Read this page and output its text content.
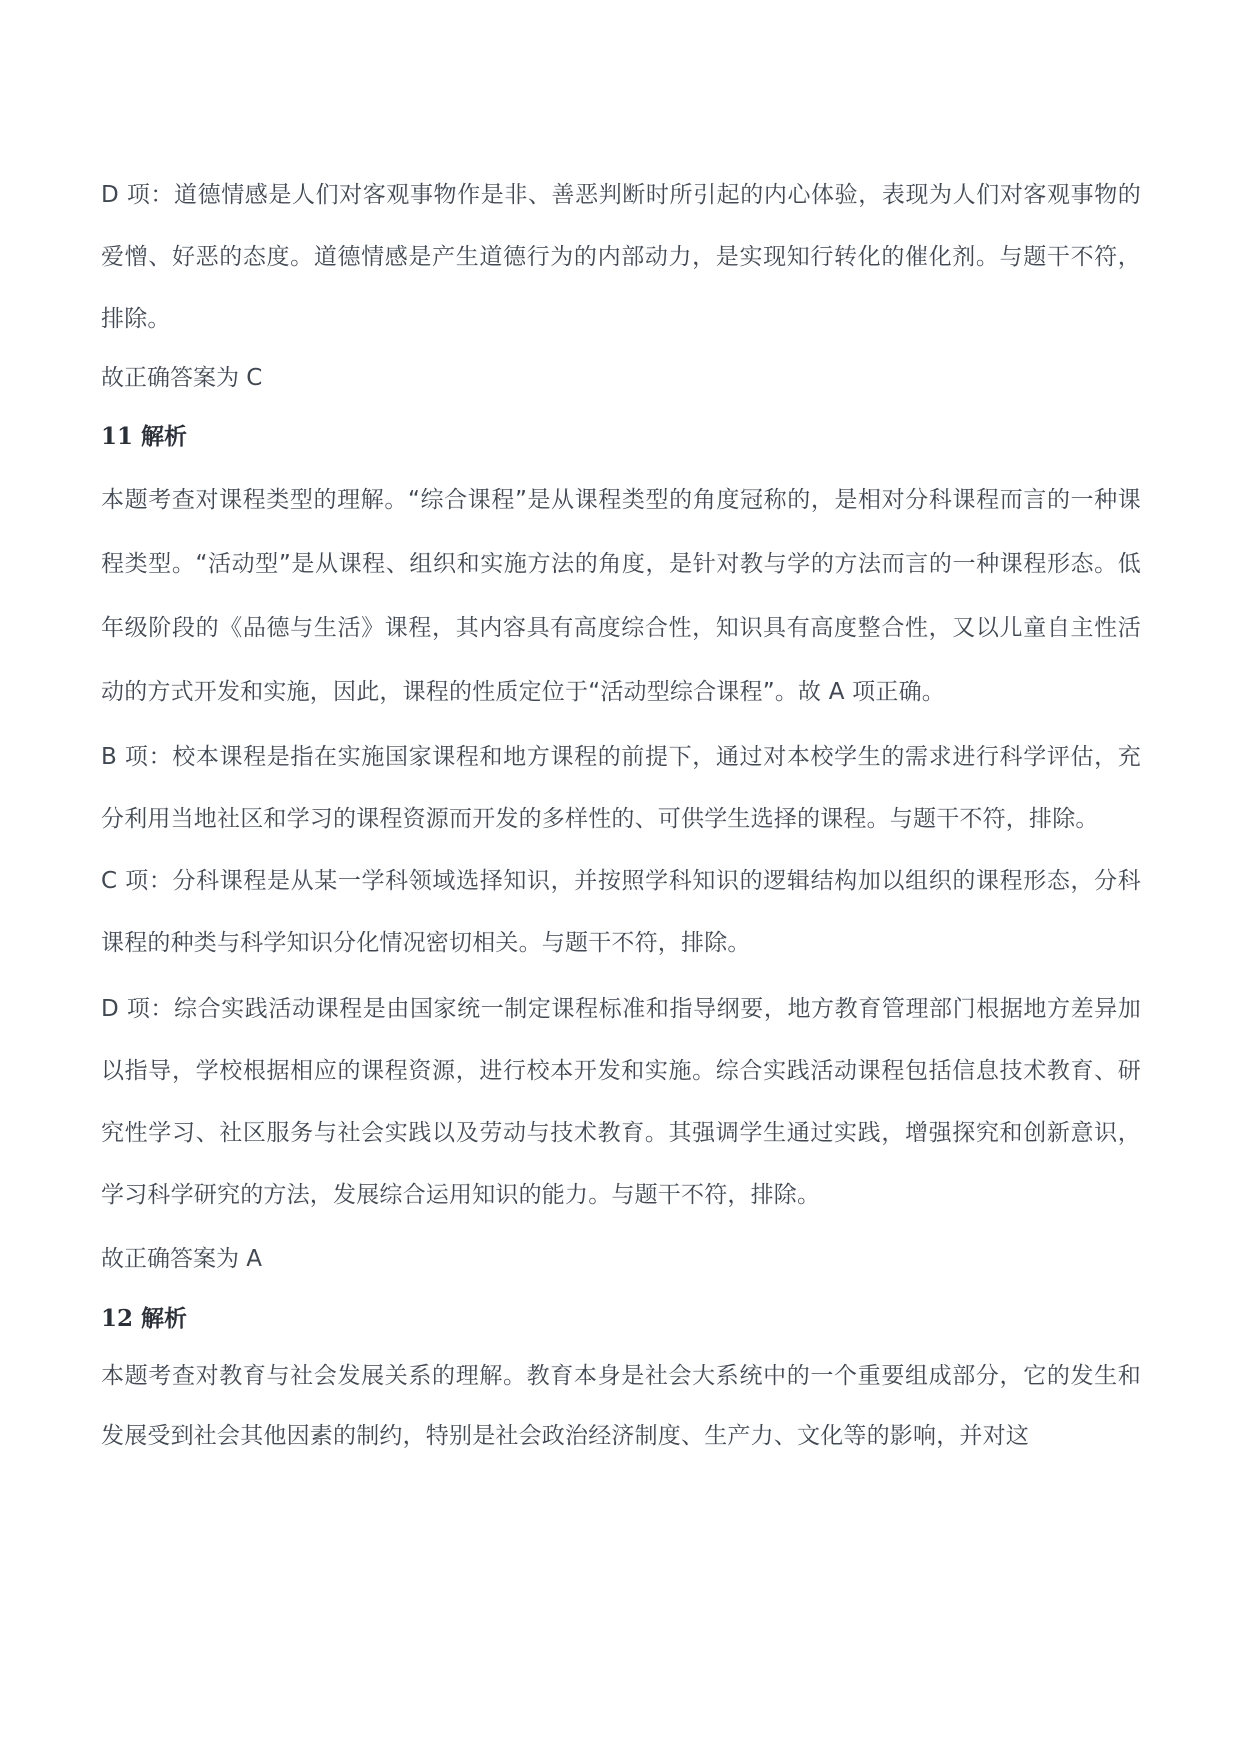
D 项：道德情感是人们对客观事物作是非、善恶判断时所引起的内心体验，表现为人们对客观事物的爱憎、好恶的态度。道德情感是产生道德行为的内部动力，是实现知行转化的催化剂。与题干不符，排除。

故正确答案为 C

11 解析

本题考查对课程类型的理解。“综合课程”是从课程类型的角度冠称的，是相对分科课程而言的一种课程类型。“活动型”是从课程、组织和实施方法的角度，是针对教与学的方法而言的一种课程形态。低年级阶段的《品德与生活》课程，其内容具有高度综合性，知识具有高度整合性，又以儿童自主性活动的方式开发和实施，因此，课程的性质定位于“活动型综合课程”。故 A 项正确。

B 项：校本课程是指在实施国家课程和地方课程的前提下，通过对本校学生的需求进行科学评估，充分利用当地社区和学习的课程资源而开发的多样性的、可供学生选择的课程。与题干不符，排除。

C 项：分科课程是从某一学科领域选择知识，并按照学科知识的逻辑结构加以组织的课程形态，分科课程的种类与科学知识分化情况密切相关。与题干不符，排除。

D 项：综合实践活动课程是由国家统一制定课程标准和指导纲要，地方教育管理部门根据地方差异加以指导，学校根据相应的课程资源，进行校本开发和实施。综合实践活动课程包括信息技术教育、研究性学习、社区服务与社会实践以及劳动与技术教育。其强调学生通过实践，增强探究和创新意识，学习科学研究的方法，发展综合运用知识的能力。与题干不符，排除。

故正确答案为 A

12 解析

本题考查对教育与社会发展关系的理解。教育本身是社会大系统中的一个重要组成部分，它的发生和发展受到社会其他因素的制约，特别是社会政治经济制度、生产力、文化等的影响，并对这
